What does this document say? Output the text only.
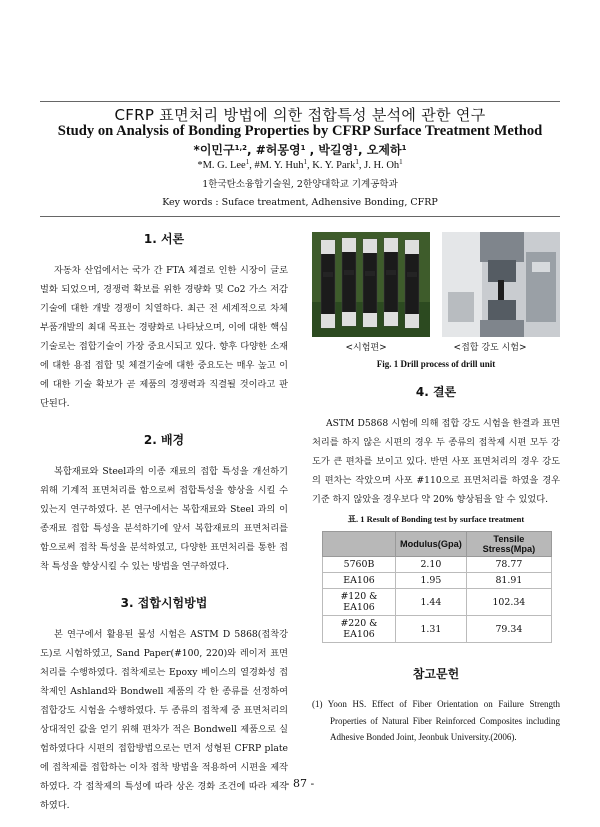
CFRP 표면처리 방법에 의한 접합특성 분석에 관한 연구
Study on Analysis of Bonding Properties by CFRP Surface Treatment Method
*이민구$^{1,2}$, #허몽영$^1$ , 박길영$^1$, 오제하$^1$
*M. G. Lee$^1$, #M. Y. Huh$^1$, K. Y. Park$^1$, J. H. Oh$^1$
1한국탄소융합기술원, 2한양대학교 기계공학과
Key words : Suface treatment, Adhensive Bonding, CFRP
1. 서론

자동차 산업에서는 국가 간 FTA 체결로 인한 시장이 글로벌화 되었으며, 경쟁력 확보를 위한 경량화 및 Co2 가스 저감기술에 대한 개발 경쟁이 치열하다. 최근 전 세계적으로 차체 부품개발의 최대 목표는 경량화로 나타났으며, 이에 대한 핵심 기술로는 접합기술이 가장 중요시되고 있다. 향후 다양한 소재에 대한 용접 접합 및 체결기술에 대한 중요도는 매우 높고 이에 대한 기술 확보가 곧 제품의 경쟁력과 직결될 것이라고 판단된다.

2. 배경

복합재료와 Steel과의 이종 재료의 접합 특성을 개선하기 위해 기계적 표면처리를 함으로써 접합특성을 향상을 시킬 수 있는지 연구하였다. 본 연구에서는 복합재료와 Steel 과의 이종재료 접합 특성을 분석하기에 앞서 복합재료의 표면처리를 함으로써 접착 특성을 분석하였고, 다양한 표면처리를 통한 접착 특성을 향상시킬 수 있는 방법을 연구하였다.

3. 접합시험방법

본 연구에서 활용된 물성 시험은 ASTM D 5868(접착강도)로 시험하였고, Sand Paper(#100, 220)와 레이저 표면처리를 수행하였다. 접착제로는 Epoxy 베이스의 열경화성 접착제인 Ashland와 Bondwell 제품의 각 한 종류를 선정하여 접합강도 시험을 수행하였다. 두 종류의 접착제 중 표면처리의 상대적인 값을 얻기 위해 편차가 적은 Bondwell 제품으로 실험하였다다 시편의 접합방법으로는 먼저 성형된 CFRP plate에 접착제를 접합하는 이차 접착 방법을 적용하여 시편을 제작하였다. 각 접착제의 특성에 따라 상온 경화 조건에 따라 제작하였다.

<시험편>	<접합 강도 시험>
Fig. 1 Drill process of drill unit
4. 결론

ASTM D5868 시험에 의해 접합 강도 시험을 한결과 표면처리를 하지 않은 시편의 경우 두 종류의 접착제 시편 모두 강도가 큰 편차를 보이고 있다. 반면 사포 표면처리의 경우 강도의 편차는 작았으며 사포 #110으로 표면처리를 하였을 경우 기준 하지 않았을 경우보다 약 20% 향상됨을 알 수 있었다.

표. 1 Result of Bonding test by surface treatment
	Modulus(Gpa)	Tensile Stress(Mpa)
5760B	2.10	78.77
EA106	1.95	81.91
#120 & EA106	1.44	102.34
#220 & EA106	1.31	79.34
참고문헌

(1) Yoon HS. Effect of Fiber Orientation on Failure Strength Properties of Natural Fiber Reinforced Composites including Adhesive Bonded Joint, Jeonbuk University.(2006).

- 87 -
